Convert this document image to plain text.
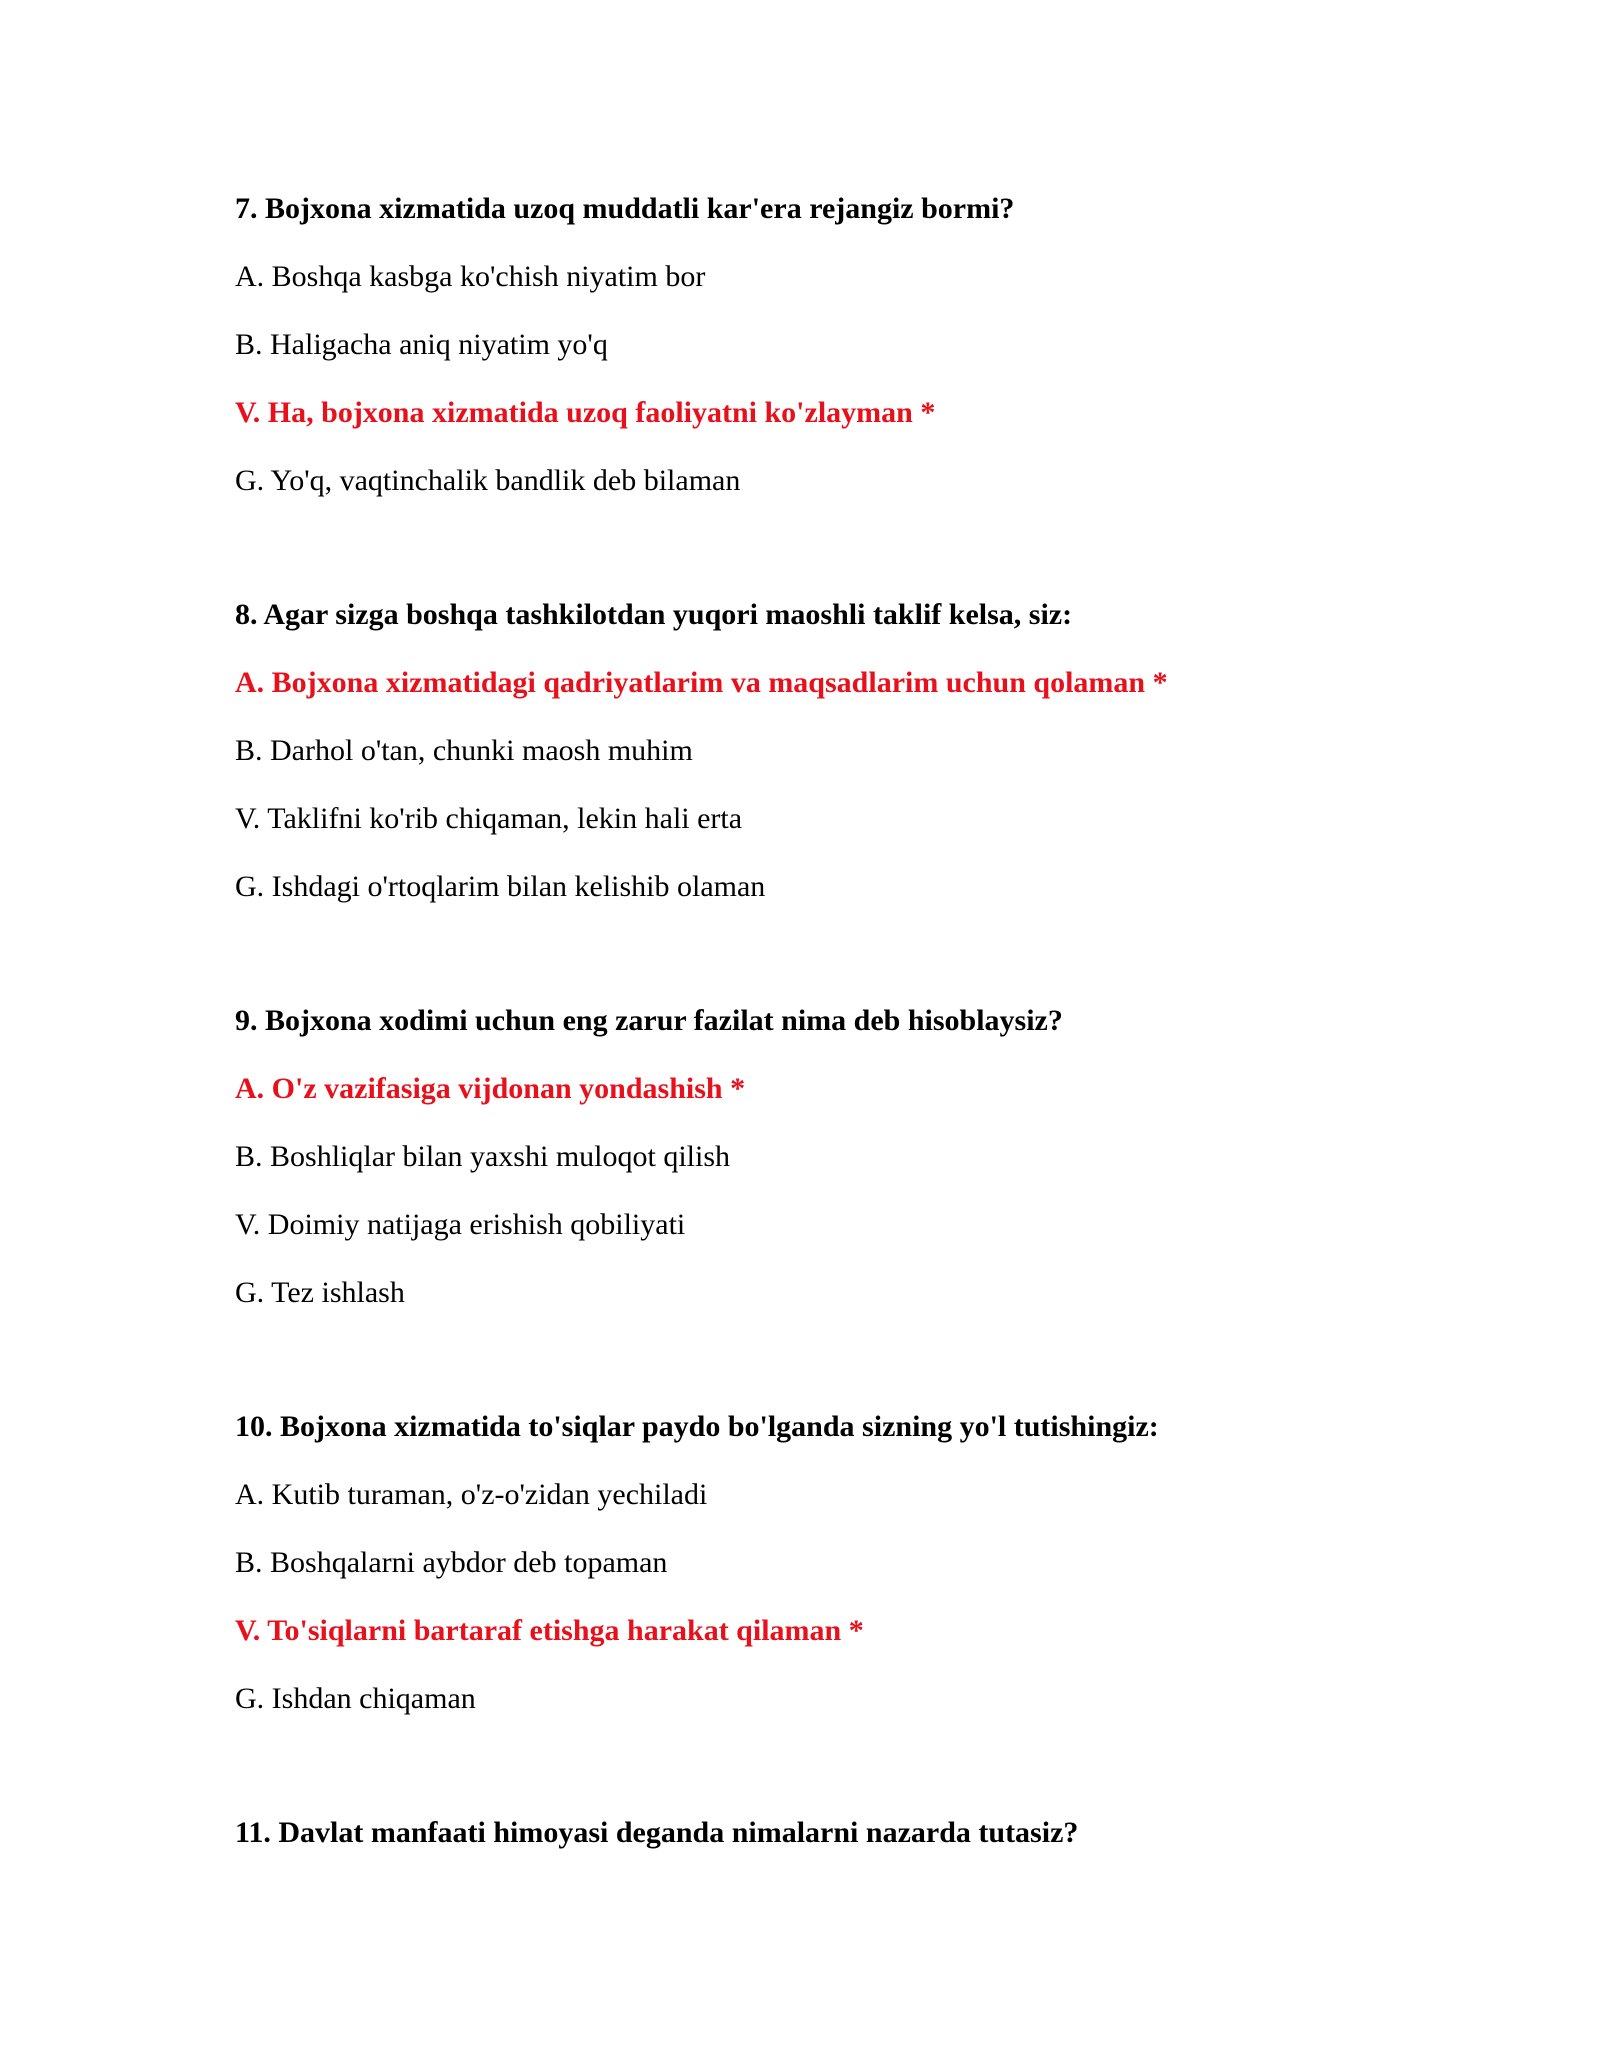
7. Bojxona xizmatida uzoq muddatli kar'era rejangiz bormi?
A. Boshqa kasbga ko'chish niyatim bor
B. Haligacha aniq niyatim yo'q
V. Ha, bojxona xizmatida uzoq faoliyatni ko'zlayman *
G. Yo'q, vaqtinchalik bandlik deb bilaman
8. Agar sizga boshqa tashkilotdan yuqori maoshli taklif kelsa, siz:
A. Bojxona xizmatidagi qadriyatlarim va maqsadlarim uchun qolaman *
B. Darhol o'tan, chunki maosh muhim
V. Taklifni ko'rib chiqaman, lekin hali erta
G. Ishdagi o'rtoqlarim bilan kelishib olaman
9. Bojxona xodimi uchun eng zarur fazilat nima deb hisoblaysiz?
A. O'z vazifasiga vijdonan yondashish *
B. Boshliqlar bilan yaxshi muloqot qilish
V. Doimiy natijaga erishish qobiliyati
G. Tez ishlash
10. Bojxona xizmatida to'siqlar paydo bo'lganda sizning yo'l tutishingiz:
A. Kutib turaman, o'z-o'zidan yechiladi
B. Boshqalarni aybdor deb topaman
V. To'siqlarni bartaraf etishga harakat qilaman *
G. Ishdan chiqaman
11. Davlat manfaati himoyasi deganda nimalarni nazarda tutasiz?
